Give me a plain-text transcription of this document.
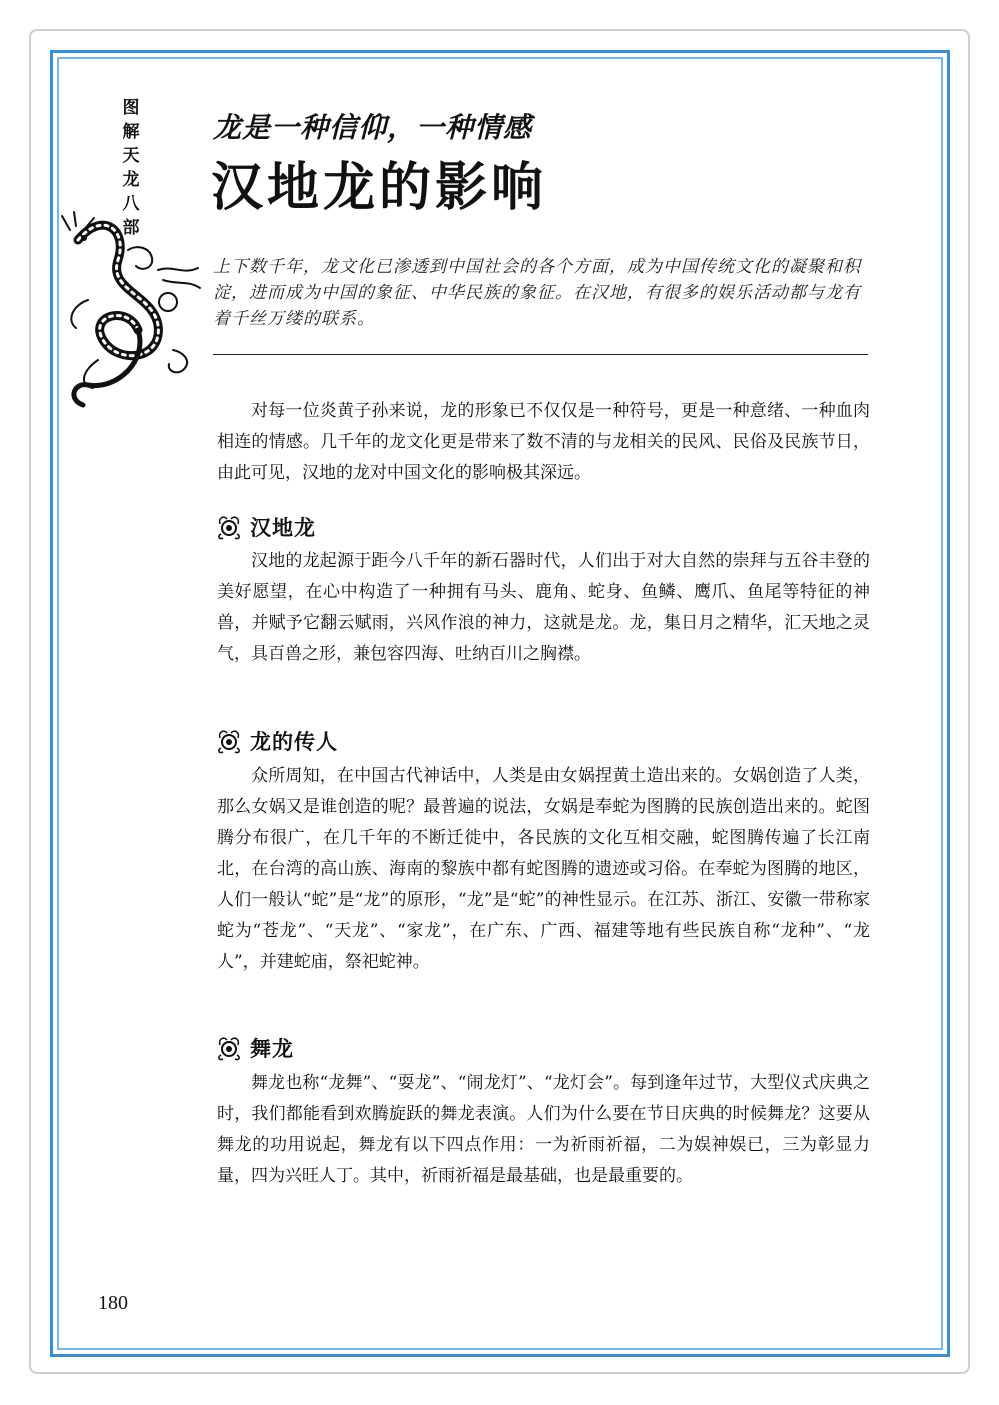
图
解
天
龙
八
部
龙是一种信仰，一种情感
汉地龙的影响

上下数千年，龙文化已渗透到中国社会的各个方面，成为中国传统文化的凝聚和积淀，进而成为中国的象征、中华民族的象征。在汉地，有很多的娱乐活动都与龙有着千丝万缕的联系。

对每一位炎黄子孙来说，龙的形象已不仅仅是一种符号，更是一种意绪、一种血肉相连的情感。几千年的龙文化更是带来了数不清的与龙相关的民风、民俗及民族节日，由此可见，汉地的龙对中国文化的影响极其深远。

汉地龙

汉地的龙起源于距今八千年的新石器时代，人们出于对大自然的崇拜与五谷丰登的美好愿望，在心中构造了一种拥有马头、鹿角、蛇身、鱼鳞、鹰爪、鱼尾等特征的神兽，并赋予它翻云赋雨，兴风作浪的神力，这就是龙。龙，集日月之精华，汇天地之灵气，具百兽之形，兼包容四海、吐纳百川之胸襟。

龙的传人

众所周知，在中国古代神话中，人类是由女娲捏黄土造出来的。女娲创造了人类，那么女娲又是谁创造的呢？最普遍的说法，女娲是奉蛇为图腾的民族创造出来的。蛇图腾分布很广，在几千年的不断迁徙中，各民族的文化互相交融，蛇图腾传遍了长江南北，在台湾的高山族、海南的黎族中都有蛇图腾的遗迹或习俗。在奉蛇为图腾的地区，人们一般认“蛇”是“龙”的原形，“龙”是“蛇”的神性显示。在江苏、浙江、安徽一带称家蛇为“苍龙”、“天龙”、“家龙”，在广东、广西、福建等地有些民族自称“龙种”、“龙人”，并建蛇庙，祭祀蛇神。

舞龙

舞龙也称“龙舞”、“耍龙”、“闹龙灯”、“龙灯会”。每到逢年过节，大型仪式庆典之时，我们都能看到欢腾旋跃的舞龙表演。人们为什么要在节日庆典的时候舞龙？这要从舞龙的功用说起，舞龙有以下四点作用：一为祈雨祈福，二为娱神娱已，三为彰显力量，四为兴旺人丁。其中，祈雨祈福是最基础，也是最重要的。

180
